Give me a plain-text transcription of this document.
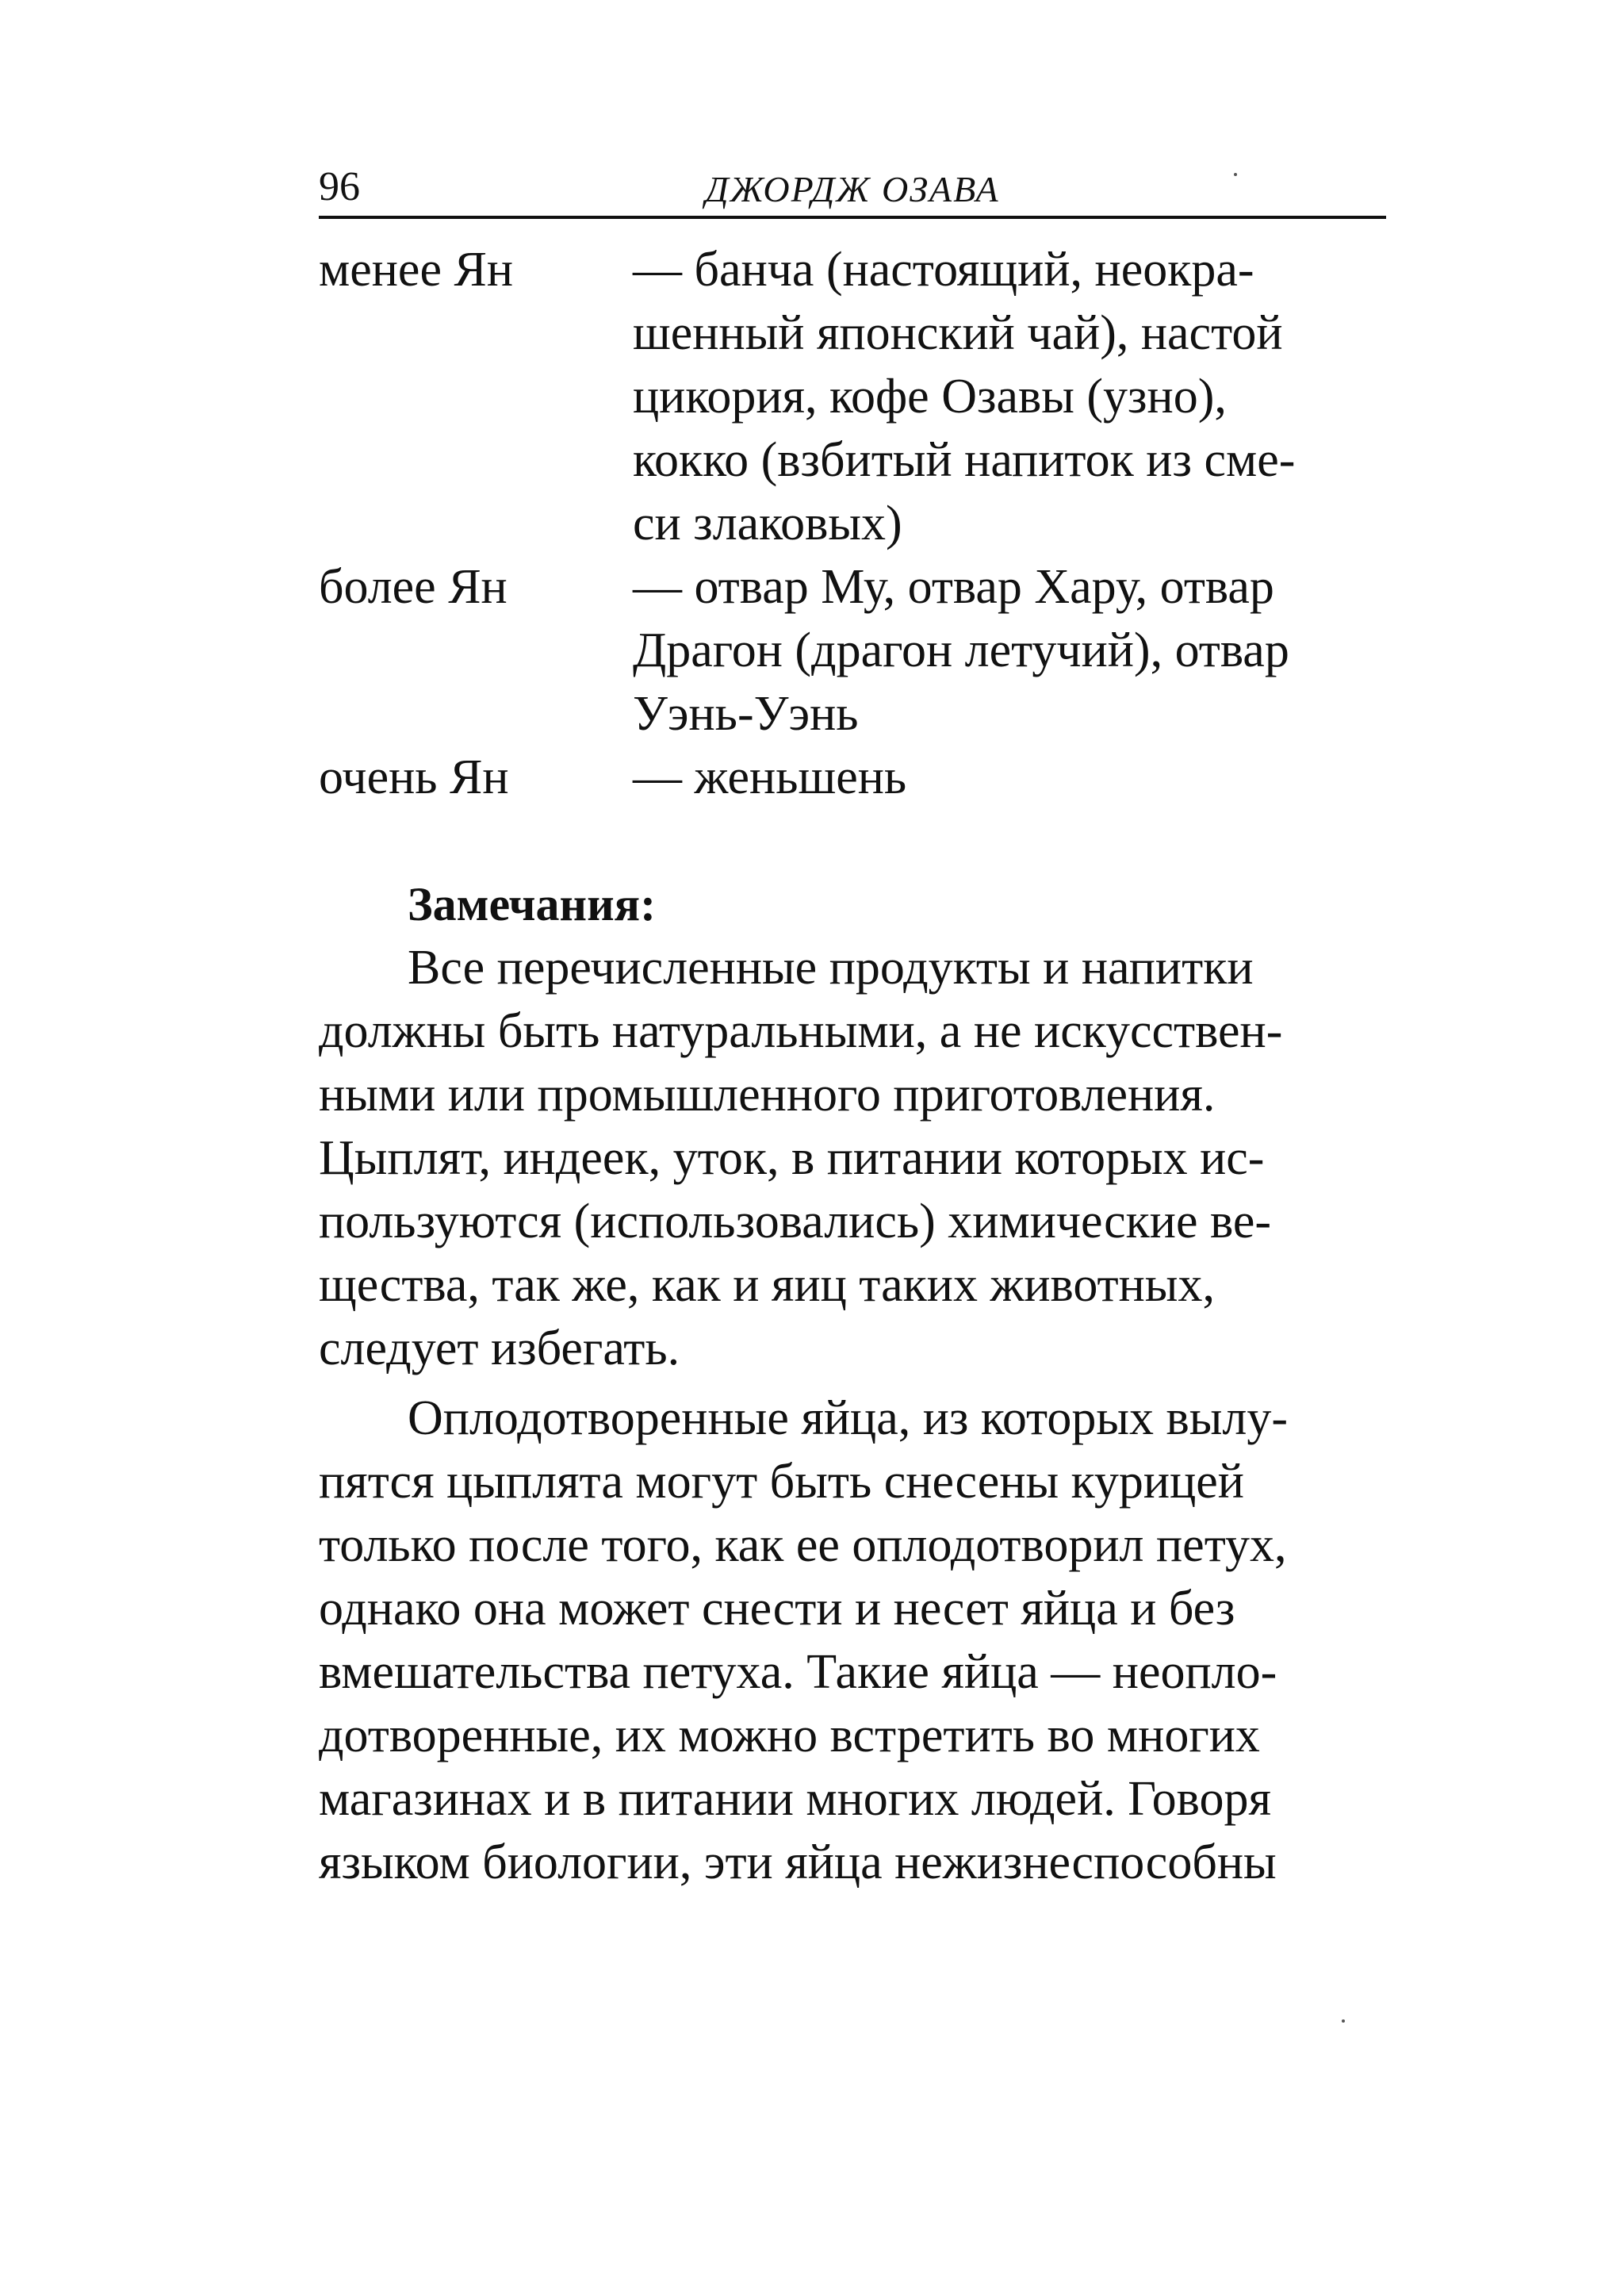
96	ДЖОРДЖ ОЗАВА
менее Ян	— банча (настоящий, неокра-
шенный японский чай), настой
цикория, кофе Озавы (узно),
кокко (взбитый напиток из сме-
си злаковых)
более Ян	— отвар Му, отвар Хару, отвар
Драгон (драгон летучий), отвар
Уэнь-Уэнь
очень Ян	— женьшень
Замечания:

Все перечисленные продукты и напитки
должны быть натуральными, а не искусствен-
ными или промышленного приготовления.
Цыплят, индеек, уток, в питании которых ис-
пользуются (использовались) химические ве-
щества, так же, как и яиц таких животных,
следует избегать.

Оплодотворенные яйца, из которых вылу-
пятся цыплята могут быть снесены курицей
только после того, как ее оплодотворил петух,
однако она может снести и несет яйца и без
вмешательства петуха. Такие яйца — неопло-
дотворенные, их можно встретить во многих
магазинах и в питании многих людей. Говоря
языком биологии, эти яйца нежизнеспособны
